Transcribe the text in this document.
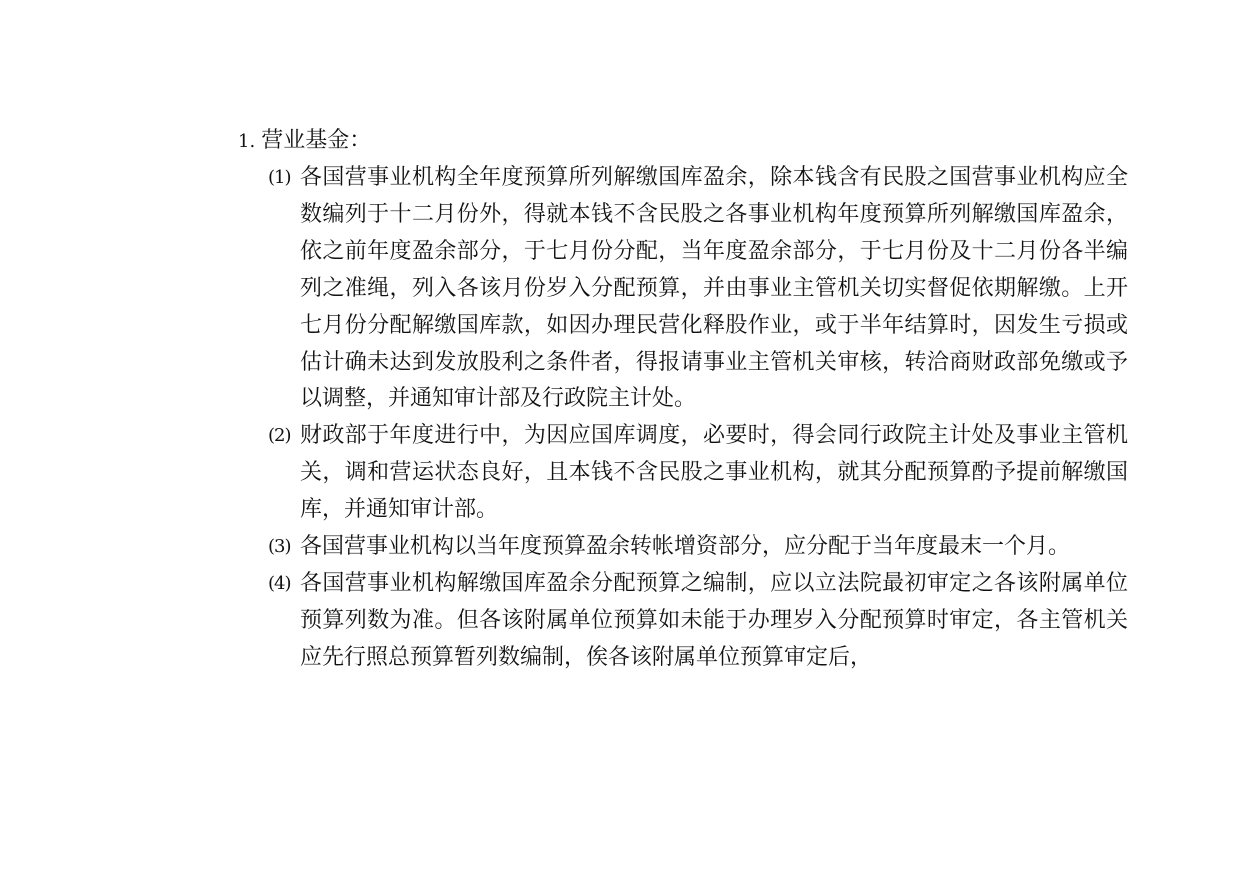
1. 营业基金：
(1) 各国营事业机构全年度预算所列解缴国库盈余，除本钱含有民股之国营事业机构应全数编列于十二月份外，得就本钱不含民股之各事业机构年度预算所列解缴国库盈余，依之前年度盈余部分，于七月份分配，当年度盈余部分，于七月份及十二月份各半编列之准绳，列入各该月份岁入分配预算，并由事业主管机关切实督促依期解缴。上开七月份分配解缴国库款，如因办理民营化释股作业，或于半年结算时，因发生亏损或估计确未达到发放股利之条件者，得报请事业主管机关审核，转洽商财政部免缴或予以调整，并通知审计部及行政院主计处。
(2) 财政部于年度进行中，为因应国库调度，必要时，得会同行政院主计处及事业主管机关，调和营运状态良好，且本钱不含民股之事业机构，就其分配预算酌予提前解缴国库，并通知审计部。
(3) 各国营事业机构以当年度预算盈余转帐增资部分，应分配于当年度最末一个月。
(4) 各国营事业机构解缴国库盈余分配预算之编制，应以立法院最初审定之各该附属单位预算列数为准。但各该附属单位预算如未能于办理岁入分配预算时审定，各主管机关应先行照总预算暂列数编制，俟各该附属单位预算审定后，
